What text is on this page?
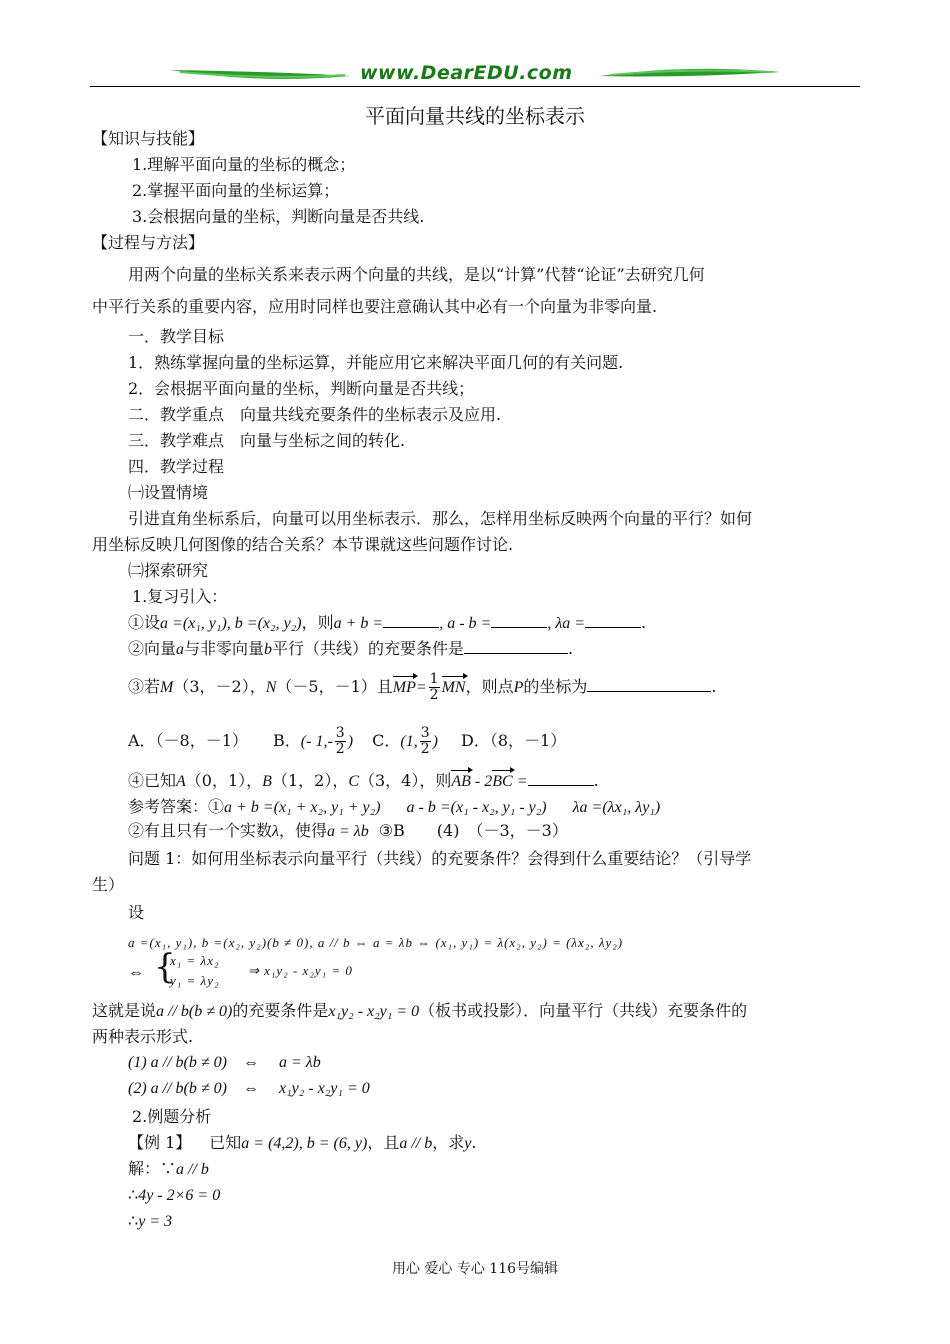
www.DearEDU.com
平面向量共线的坐标表示
【知识与技能】
1.理解平面向量的坐标的概念；
2.掌握平面向量的坐标运算；
3.会根据向量的坐标，判断向量是否共线.
【过程与方法】
用两个向量的坐标关系来表示两个向量的共线，是以“计算”代替“论证”去研究几何
中平行关系的重要内容，应用时同样也要注意确认其中必有一个向量为非零向量.
一．教学目标
1．熟练掌握向量的坐标运算，并能应用它来解决平面几何的有关问题.
2．会根据平面向量的坐标，判断向量是否共线；
二．教学重点　向量共线充要条件的坐标表示及应用.
三．教学难点　向量与坐标之间的转化.
四．教学过程
㈠设置情境
引进直角坐标系后，向量可以用坐标表示．那么，怎样用坐标反映两个向量的平行？如何
用坐标反映几何图像的结合关系？本节课就这些问题作讨论.
㈡探索研究
1.复习引入：
①设a =(x₁, y₁), b =(x₂, y₂)，则a + b =	, a - b =	, λa =	.
②向量a与非零向量b平行（共线）的充要条件是	.
③若M（3，－2），N（－5，－1）且$MP= \frac{1}{2}$ MN，则点P的坐标为	.
A．（－8，－1） B．(- $1,- \frac{3}{2}$ ) C．(1, $\frac{3}{2}$ ) D．（8，－1）
④已知A（0，1），B（1，2），C（3，4），则AB - 2BC =	.
参考答案：①a + b =(x₁ + x₂, y₁ + y₂) a - b =(x₁ - x₂, y₁ - y₂) λa =(λx₁, λy₁)
②有且只有一个实数λ，使得a = λb ③B　　(4)　（－3，－3）
问题 1：如何用坐标表示向量平行（共线）的充要条件？会得到什么重要结论？（引导学
生）
设
a =(x₁, y₁), b =(x₂, y₂)(b ≠ 0), a // b ⇔ a = λb ⇔ (x₁, y₁) = λ(x₂, y₂) = (λx₂, λy₂)
⇔ {
x₁ = λx₂
y₁ = λy₂
⇒ x₁y₂ - x₂y₁ = 0
这就是说a // b(b ≠ 0)的充要条件是x₁y₂ - x₂y₁ = 0（板书或投影）．向量平行（共线）充要条件的
两种表示形式.
(1) a // b(b ≠ 0)　⇔　 a = λb
(2) a // b(b ≠ 0)　⇔　 x₁y₂ - x₂y₁ = 0
2.例题分析
【例 1】 已知a = (4,2), b = (6, y)，且a // b，求y.
解：∵a // b
∴4y - 2×6 = 0
∴y = 3
用心 爱心 专心 116号编辑
